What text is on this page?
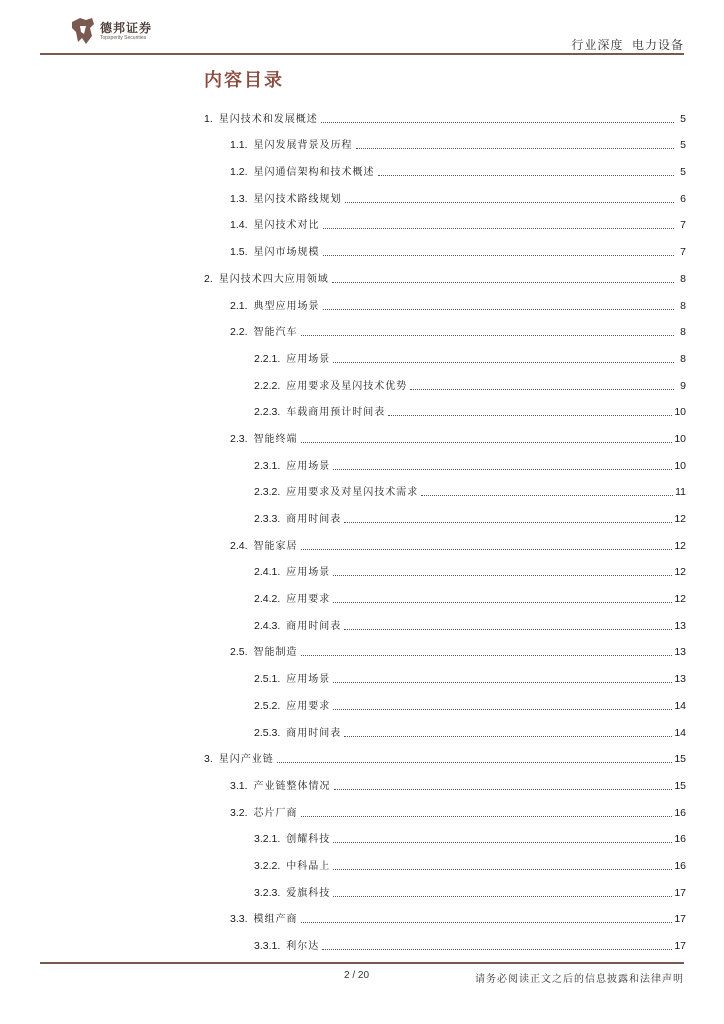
德邦证券
Topsperity Securities
行业深度  电力设备
内容目录
1. 星闪技术和发展概述	5
1.1. 星闪发展背景及历程	5
1.2. 星闪通信架构和技术概述	5
1.3. 星闪技术路线规划	6
1.4. 星闪技术对比	7
1.5. 星闪市场规模	7
2. 星闪技术四大应用领域	8
2.1. 典型应用场景	8
2.2. 智能汽车	8
2.2.1. 应用场景	8
2.2.2. 应用要求及星闪技术优势	9
2.2.3. 车载商用预计时间表	10
2.3. 智能终端	10
2.3.1. 应用场景	10
2.3.2. 应用要求及对星闪技术需求	11
2.3.3. 商用时间表	12
2.4. 智能家居	12
2.4.1. 应用场景	12
2.4.2. 应用要求	12
2.4.3. 商用时间表	13
2.5. 智能制造	13
2.5.1. 应用场景	13
2.5.2. 应用要求	14
2.5.3. 商用时间表	14
3. 星闪产业链	15
3.1. 产业链整体情况	15
3.2. 芯片厂商	16
3.2.1. 创耀科技	16
3.2.2. 中科晶上	16
3.2.3. 爱旗科技	17
3.3. 模组产商	17
3.3.1. 利尔达	17
2 / 20	请务必阅读正文之后的信息披露和法律声明
